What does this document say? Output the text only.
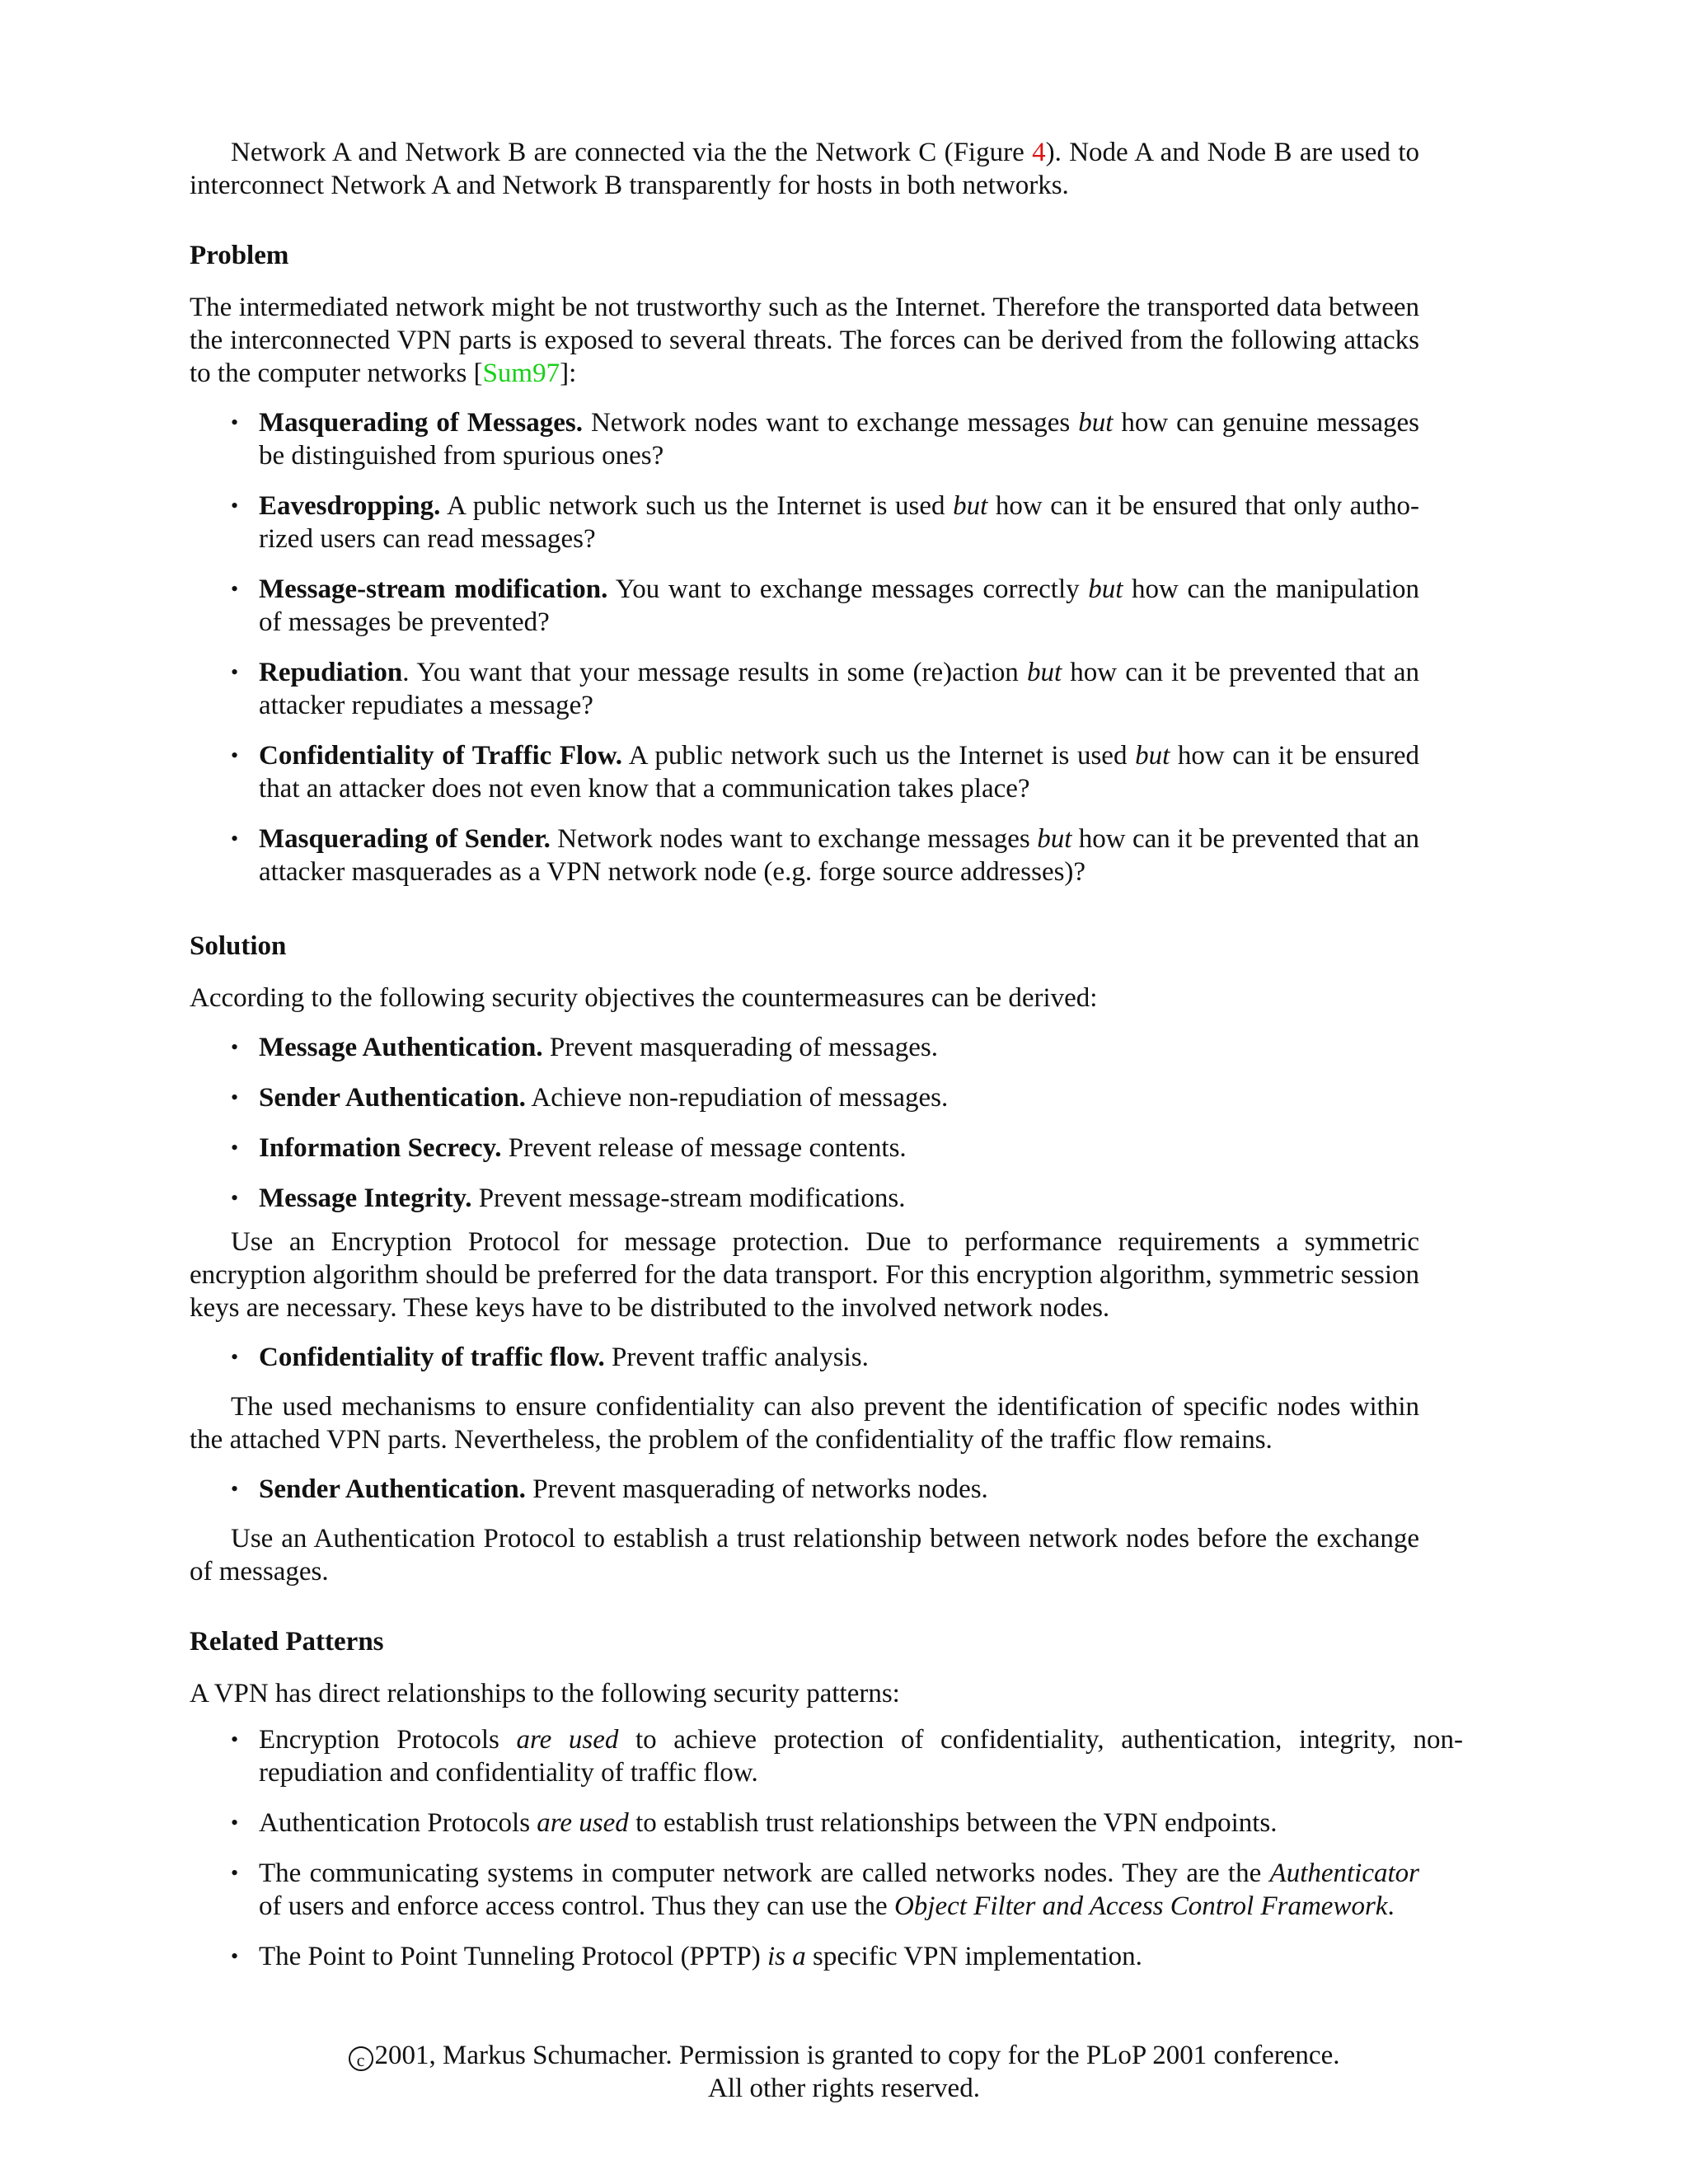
Network A and Network B are connected via the the Network C (Figure 4). Node A and Node B are used to interconnect Network A and Network B transparently for hosts in both networks.

Problem

The intermediated network might be not trustworthy such as the Internet. Therefore the transported data between the interconnected VPN parts is exposed to several threats. The forces can be derived from the following attacks to the computer networks [Sum97]:

• Masquerading of Messages. Network nodes want to exchange messages but how can genuine messages be distinguished from spurious ones?
• Eavesdropping. A public network such us the Internet is used but how can it be ensured that only authorized users can read messages?
• Message-stream modification. You want to exchange messages correctly but how can the manipulation of messages be prevented?
• Repudiation. You want that your message results in some (re)action but how can it be prevented that an attacker repudiates a message?
• Confidentiality of Traffic Flow. A public network such us the Internet is used but how can it be ensured that an attacker does not even know that a communication takes place?
• Masquerading of Sender. Network nodes want to exchange messages but how can it be prevented that an attacker masquerades as a VPN network node (e.g. forge source addresses)?
Solution

According to the following security objectives the countermeasures can be derived:

• Message Authentication. Prevent masquerading of messages.
• Sender Authentication. Achieve non-repudiation of messages.
• Information Secrecy. Prevent release of message contents.
• Message Integrity. Prevent message-stream modifications.

Use an Encryption Protocol for message protection. Due to performance requirements a symmetric encryption algorithm should be preferred for the data transport. For this encryption algorithm, symmetric session keys are necessary. These keys have to be distributed to the involved network nodes.

• Confidentiality of traffic flow. Prevent traffic analysis.

The used mechanisms to ensure confidentiality can also prevent the identification of specific nodes within the attached VPN parts. Nevertheless, the problem of the confidentiality of the traffic flow remains.

• Sender Authentication. Prevent masquerading of networks nodes.

Use an Authentication Protocol to establish a trust relationship between network nodes before the exchange of messages.

Related Patterns

A VPN has direct relationships to the following security patterns:

• Encryption Protocols are used to achieve protection of confidentiality, authentication, integrity, non-repudiation and confidentiality of traffic flow.
• Authentication Protocols are used to establish trust relationships between the VPN endpoints.
• The communicating systems in computer network are called networks nodes. They are the Authenticator of users and enforce access control. Thus they can use the Object Filter and Access Control Framework.
• The Point to Point Tunneling Protocol (PPTP) is a specific VPN implementation.
c 2001, Markus Schumacher. Permission is granted to copy for the PLoP 2001 conference.
All other rights reserved.
